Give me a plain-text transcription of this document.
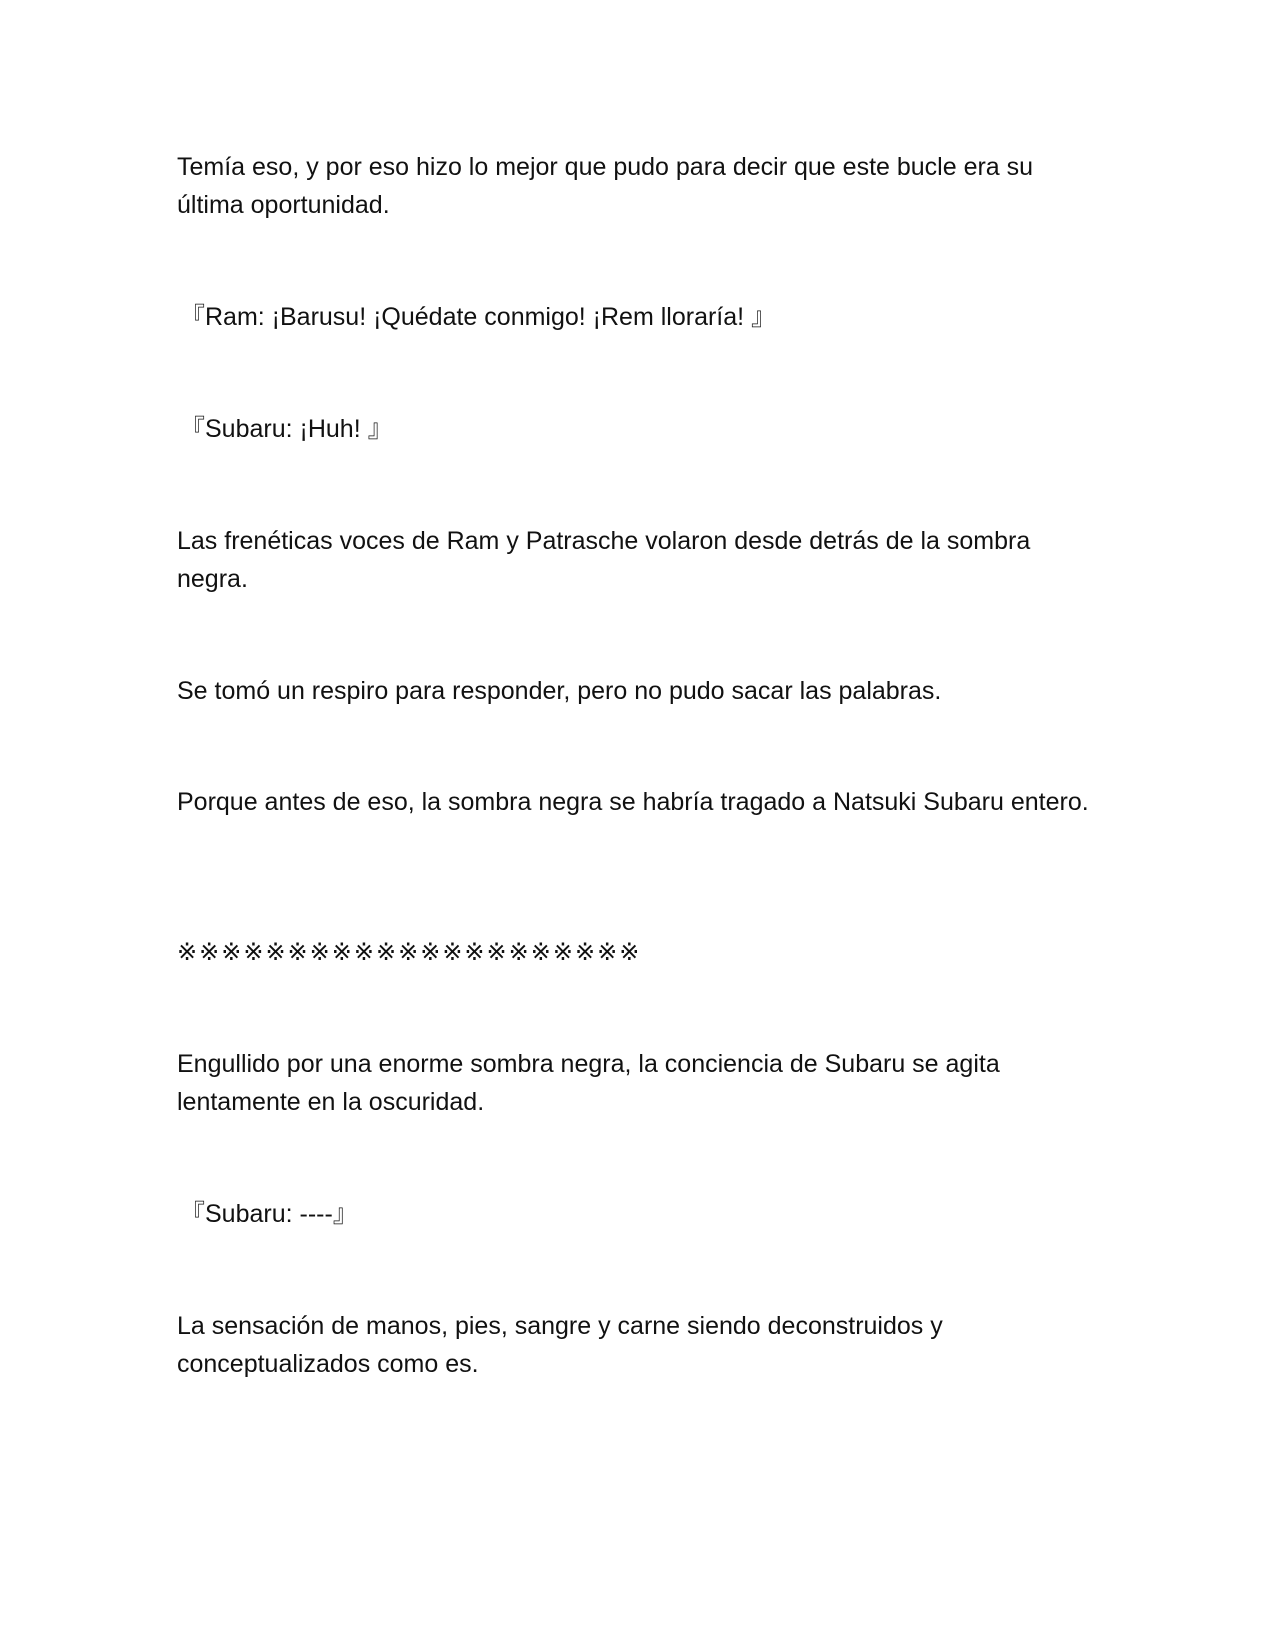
Temía eso, y por eso hizo lo mejor que pudo para decir que este bucle era su última oportunidad.

『Ram: ¡Barusu! ¡Quédate conmigo! ¡Rem lloraría! 』

『Subaru: ¡Huh! 』

Las frenéticas voces de Ram y Patrasche volaron desde detrás de la sombra negra.

Se tomó un respiro para responder, pero no pudo sacar las palabras.

Porque antes de eso, la sombra negra se habría tragado a Natsuki Subaru entero.

※※※※※※※※※※※※※※※※※※※※※

Engullido por una enorme sombra negra, la conciencia de Subaru se agita lentamente en la oscuridad.

『Subaru: ----』

La sensación de manos, pies, sangre y carne siendo deconstruidos y conceptualizados como es.
